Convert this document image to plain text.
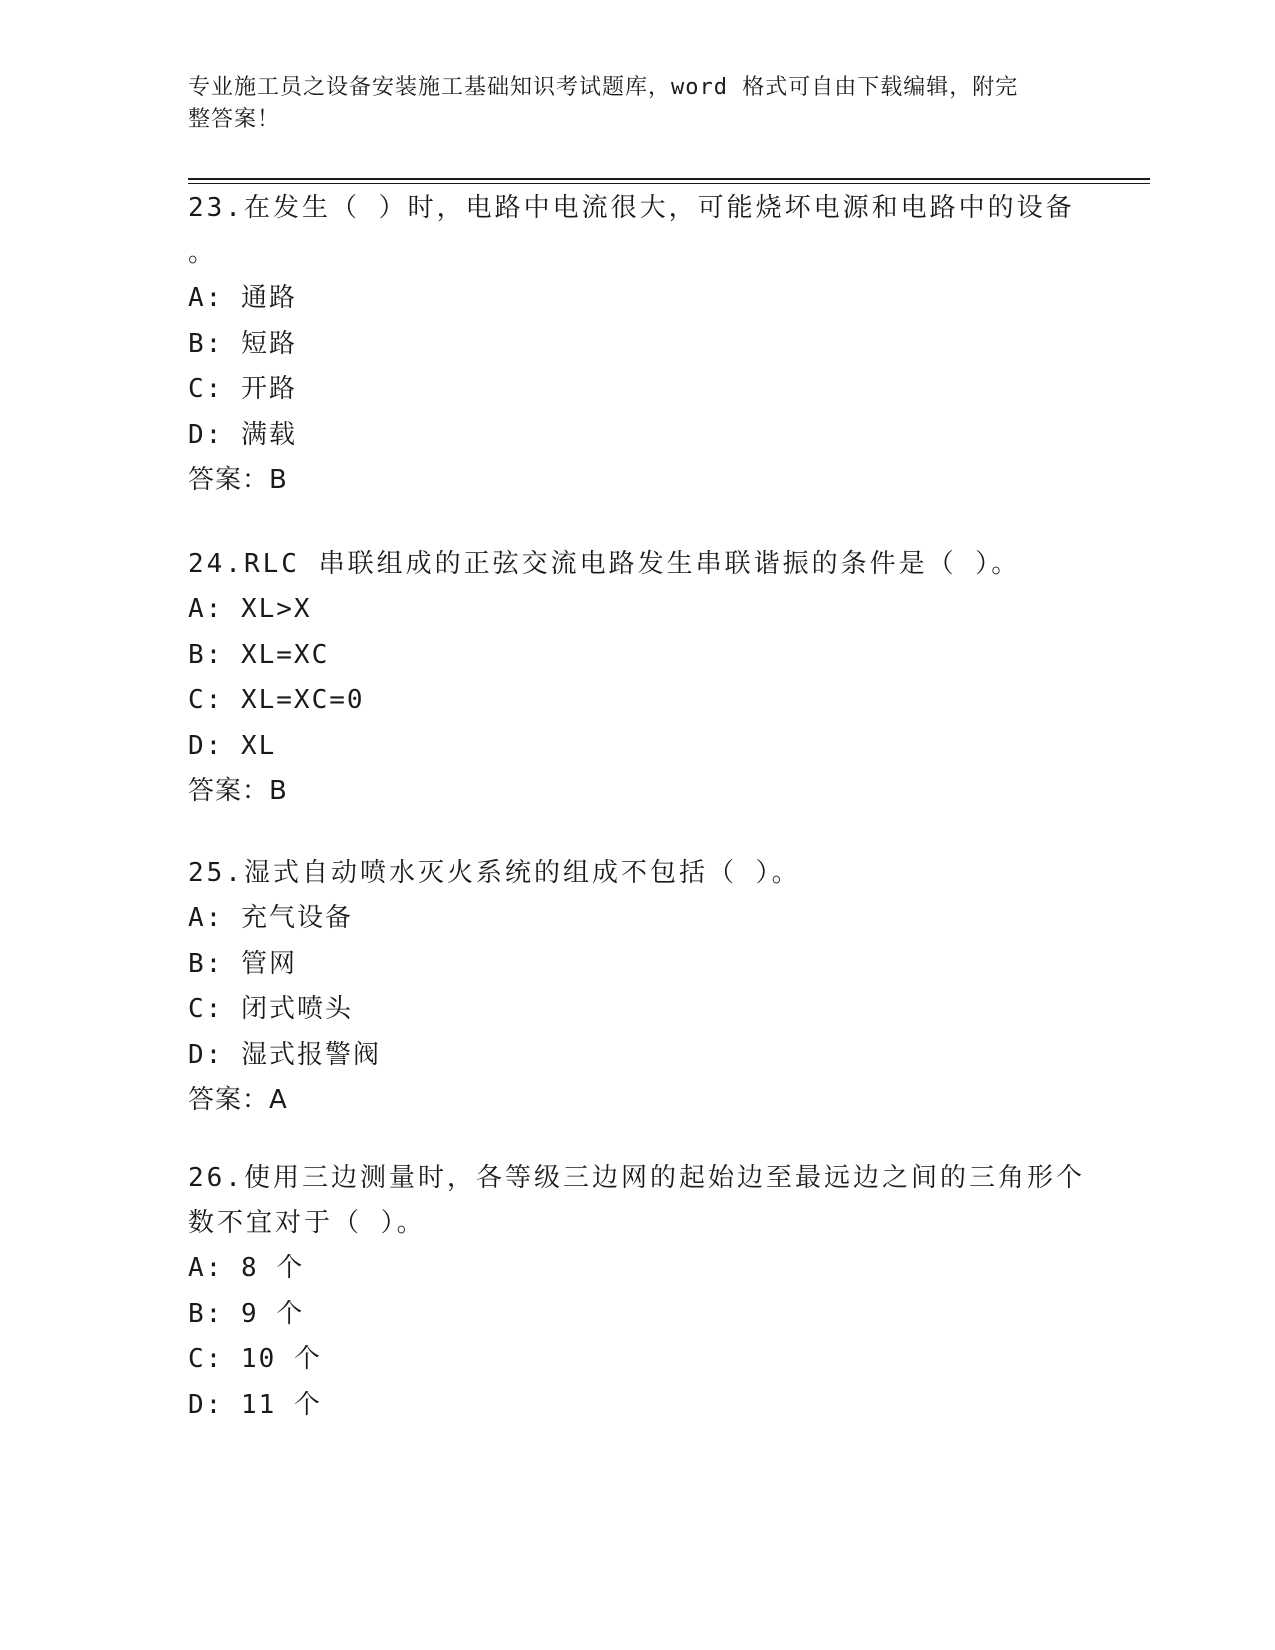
专业施工员之设备安装施工基础知识考试题库，word 格式可自由下载编辑，附完
整答案！
23.在发生（ ）时，电路中电流很大，可能烧坏电源和电路中的设备
。
A: 通路
B: 短路
C: 开路
D: 满载
答案：B
24.RLC 串联组成的正弦交流电路发生串联谐振的条件是（ ）。
A: XL>X
B: XL=XC
C: XL=XC=0
D: XL
答案：B
25.湿式自动喷水灭火系统的组成不包括（ ）。
A: 充气设备
B: 管网
C: 闭式喷头
D: 湿式报警阀
答案：A
26.使用三边测量时，各等级三边网的起始边至最远边之间的三角形个
数不宜对于（ ）。
A: 8 个
B: 9 个
C: 10 个
D: 11 个
